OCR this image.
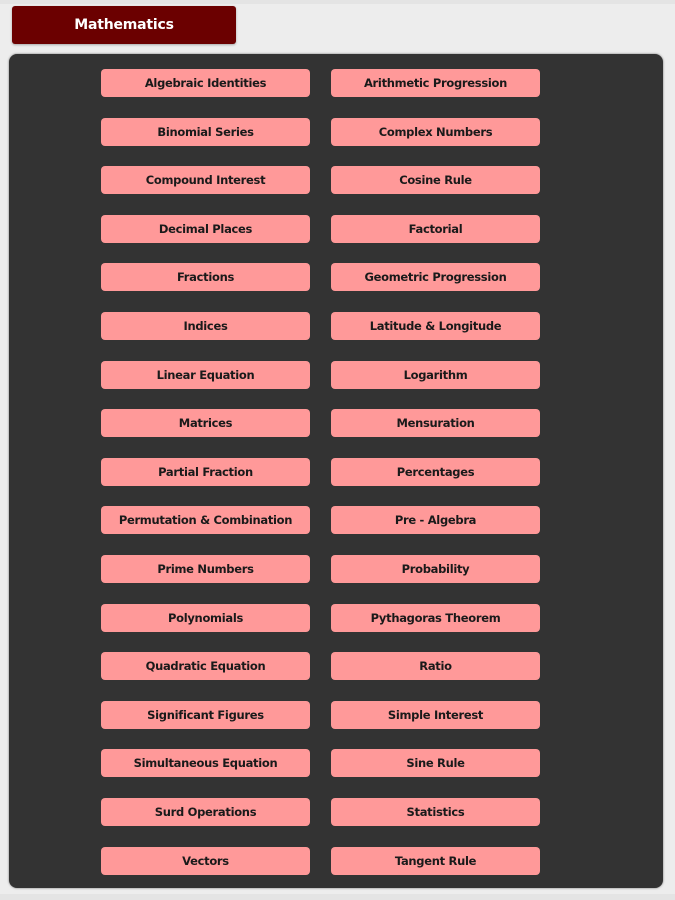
Mathematics
Algebraic Identities	Arithmetic Progression
Binomial Series	Complex Numbers
Compound Interest	Cosine Rule
Decimal Places	Factorial
Fractions	Geometric Progression
Indices	Latitude & Longitude
Linear Equation	Logarithm
Matrices	Mensuration
Partial Fraction	Percentages
Permutation & Combination	Pre - Algebra
Prime Numbers	Probability
Polynomials	Pythagoras Theorem
Quadratic Equation	Ratio
Significant Figures	Simple Interest
Simultaneous Equation	Sine Rule
Surd Operations	Statistics
Vectors	Tangent Rule
